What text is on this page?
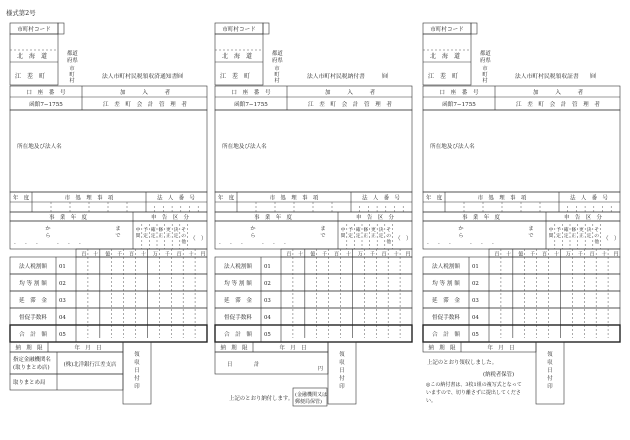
様式第2号
市町村コード
北　海　道
江　差　町
都道府県
市
町
村
法人市町村民税領収済通知書 ㉂
口　座　番　号
函館7−1755
加　　　入　　　者
江　差　町　会　計　管　理　者
所在地及び法人名
年　度	市　処　理　事　項	法　人　番　号
事　業　年　度	申　告　区　分
． ． ．
か
ら
． ． ．
ま
で
中
間
予
定
確
定
修
正
更
正
決
定
そ
の
他
（ ）
百 十 億 千 百 十 万 千 百 十 円
法人税割額 01
均 等 割 額 02
延　滞　金 03
督促手数料 04
合　計　額 05
納　期　限	年　月　日
領
収
日
付
印
指定金融機関名(取りまとめ店)	(株)北洋銀行江差支店
取りまとめ局
市町村コード
北　海　道
江　差　町
都道府県
市
町
村
法人市町村民税納付書	㉂
口　座　番　号
函館7−1755
加　　　入　　　者
江　差　町　会　計　管　理　者
所在地及び法人名
年　度	市　処　理　事　項	法　人　番　号
事　業　年　度	申　告　区　分
． ． ．
か
ら
． ． ．
ま
で
中
間
予
定
確
定
修
正
更
正
決
定
そ
の
他
（ ）
百 十 億 千 百 十 万 千 百 十 円
法人税割額 01
均 等 割 額 02
延　滞　金 03
督促手数料 04
合　計　額 05
納　期　限	年　月　日
領
収
日
付
印
日　　　　計
円
上記のとおり納付します。
(金融機関又は郵便局保管)
市町村コード
北　海　道
江　差　町
都道府県
市
町
村
法人市町村民税領収証書 ㉂
口　座　番　号
函館7−1755
加　　　入　　　者
江　差　町　会　計　管　理　者
所在地及び法人名
年　度	市　処　理　事　項	法　人　番　号
事　業　年　度	申　告　区　分
． ． ．
か
ら
． ． ．
ま
で
中
間
予
定
確
定
修
正
更
正
決
定
そ
の
他
（ ）
百 十 億 千 百 十 万 千 百 十 円
法人税割額 01
均 等 割 額 02
延　滞　金 03
督促手数料 04
合　計　額 05
納　期　限	年　月　日
領
収
日
付
印
上記のとおり領収しました。
(納税者保管)
◎この納付書は、3枚1組の複写式となっていますので、切り離さずに提出してください。
